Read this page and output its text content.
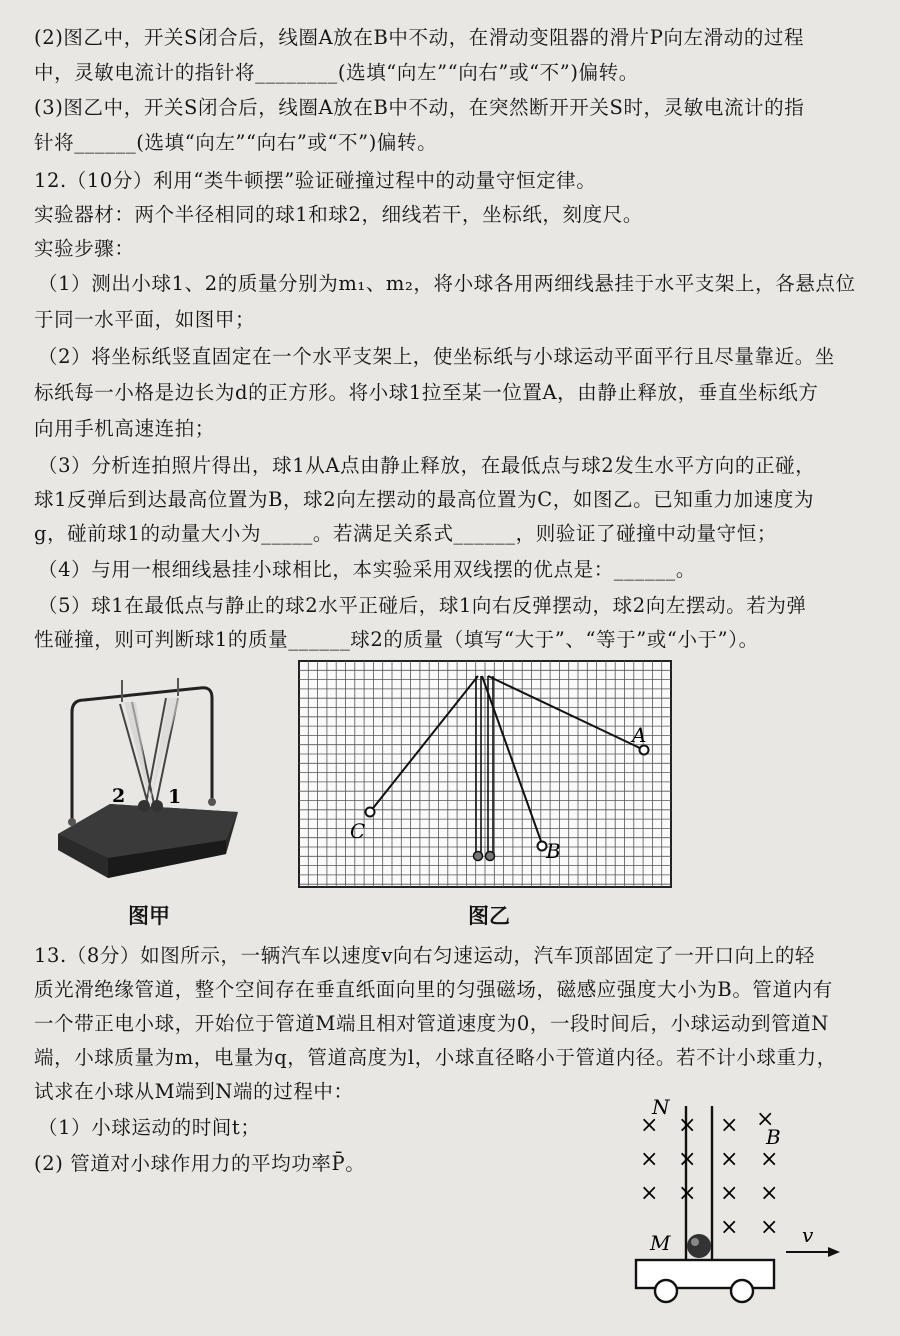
(2)图乙中，开关S闭合后，线圈A放在B中不动，在滑动变阻器的滑片P向左滑动的过程
中，灵敏电流计的指针将________(选填“向左”“向右”或“不”)偏转。
(3)图乙中，开关S闭合后，线圈A放在B中不动，在突然断开开关S时，灵敏电流计的指
针将______(选填“向左”“向右”或“不”)偏转。
12.（10分）利用“类牛顿摆”验证碰撞过程中的动量守恒定律。
实验器材：两个半径相同的球1和球2，细线若干，坐标纸，刻度尺。
实验步骤：
（1）测出小球1、2的质量分别为m₁、m₂，将小球各用两细线悬挂于水平支架上，各悬点位
于同一水平面，如图甲；
（2）将坐标纸竖直固定在一个水平支架上，使坐标纸与小球运动平面平行且尽量靠近。坐
标纸每一小格是边长为d的正方形。将小球1拉至某一位置A，由静止释放，垂直坐标纸方
向用手机高速连拍；
（3）分析连拍照片得出，球1从A点由静止释放，在最低点与球2发生水平方向的正碰，
球1反弹后到达最高位置为B，球2向左摆动的最高位置为C，如图乙。已知重力加速度为
g，碰前球1的动量大小为_____。若满足关系式______，则验证了碰撞中动量守恒；
（4）与用一根细线悬挂小球相比，本实验采用双线摆的优点是：______。
（5）球1在最低点与静止的球2水平正碰后，球1向右反弹摆动，球2向左摆动。若为弹
性碰撞，则可判断球1的质量______球2的质量（填写“大于”、“等于”或“小于”）。
2 1
图甲
A
B
C
图乙
13.（8分）如图所示，一辆汽车以速度v向右匀速运动，汽车顶部固定了一开口向上的轻
质光滑绝缘管道，整个空间存在垂直纸面向里的匀强磁场，磁感应强度大小为B。管道内有
一个带正电小球，开始位于管道M端且相对管道速度为0，一段时间后，小球运动到管道N
端，小球质量为m，电量为q，管道高度为l，小球直径略小于管道内径。若不计小球重力，
试求在小球从M端到N端的过程中：
（1）小球运动的时间t；
(2) 管道对小球作用力的平均功率P̄。
× × ×
× × × ×
× × × ×
× ×
×
v
N
M
B
